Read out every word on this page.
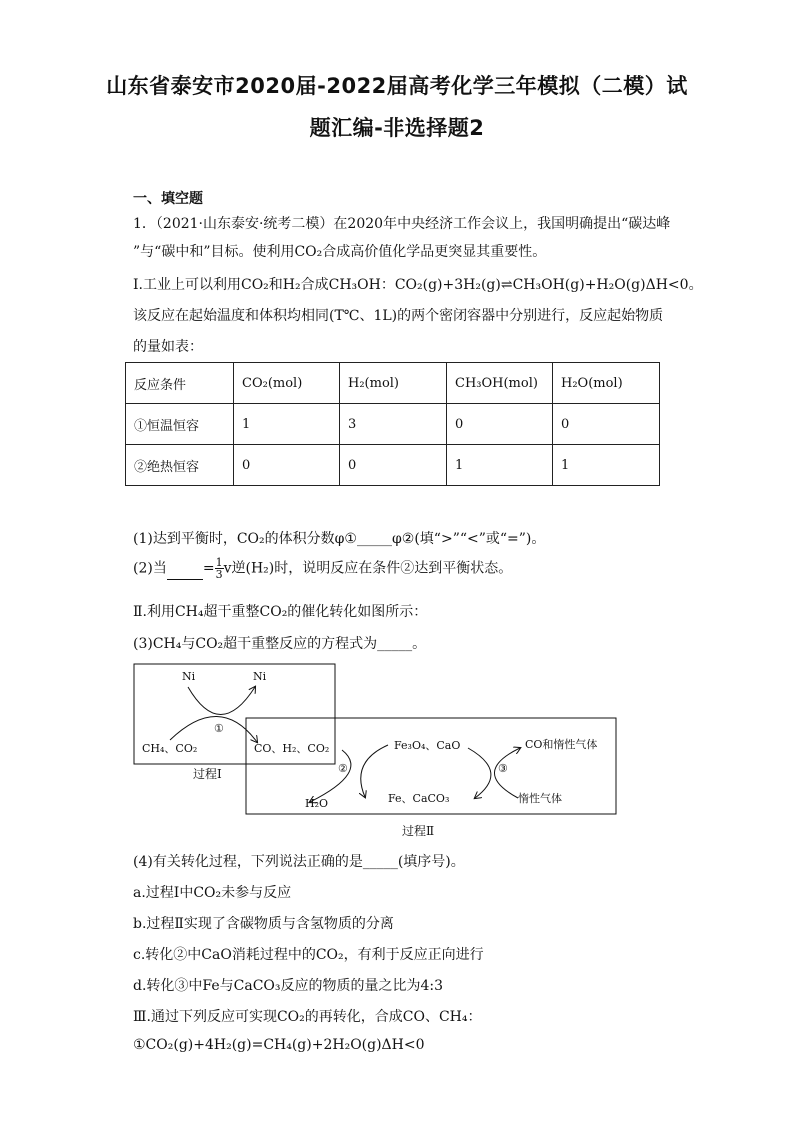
山东省泰安市2020届-2022届高考化学三年模拟（二模）试
题汇编-非选择题2
一、填空题
1．（2021·山东泰安·统考二模）在2020年中央经济工作会议上，我国明确提出“碳达峰
”与“碳中和”目标。使利用CO₂合成高价值化学品更突显其重要性。
Ⅰ.工业上可以利用CO₂和H₂合成CH₃OH：CO₂(g)+3H₂(g)⇌CH₃OH(g)+H₂O(g)ΔH<0。
该反应在起始温度和体积均相同(T℃、1L)的两个密闭容器中分别进行，反应起始物质
的量如表：
反应条件	CO₂(mol)	H₂(mol)	CH₃OH(mol)	H₂O(mol)
①恒温恒容	1	3	0	0
②绝热恒容	0	0	1	1
(1)达到平衡时，CO₂的体积分数φ①_____φ②(填“>”“<”或“=”)。
(2)当	= $\frac{1}{3}$ v逆(H₂)时，说明反应在条件②达到平衡状态。
Ⅱ.利用CH₄超干重整CO₂的催化转化如图所示：
(3)CH₄与CO₂超干重整反应的方程式为_____。
Ni	Ni
①
CH₄、CO₂	CO、H₂、CO₂	Fe₃O₄、CaO
②
H₂O	Fe、CaCO₃
③
CO和惰性气体
惰性气体
过程Ⅰ
过程Ⅱ
(4)有关转化过程，下列说法正确的是_____(填序号)。
a.过程Ⅰ中CO₂未参与反应
b.过程Ⅱ实现了含碳物质与含氢物质的分离
c.转化②中CaO消耗过程中的CO₂，有利于反应正向进行
d.转化③中Fe与CaCO₃反应的物质的量之比为4:3
Ⅲ.通过下列反应可实现CO₂的再转化，合成CO、CH₄：
①CO₂(g)+4H₂(g)=CH₄(g)+2H₂O(g)ΔH<0
